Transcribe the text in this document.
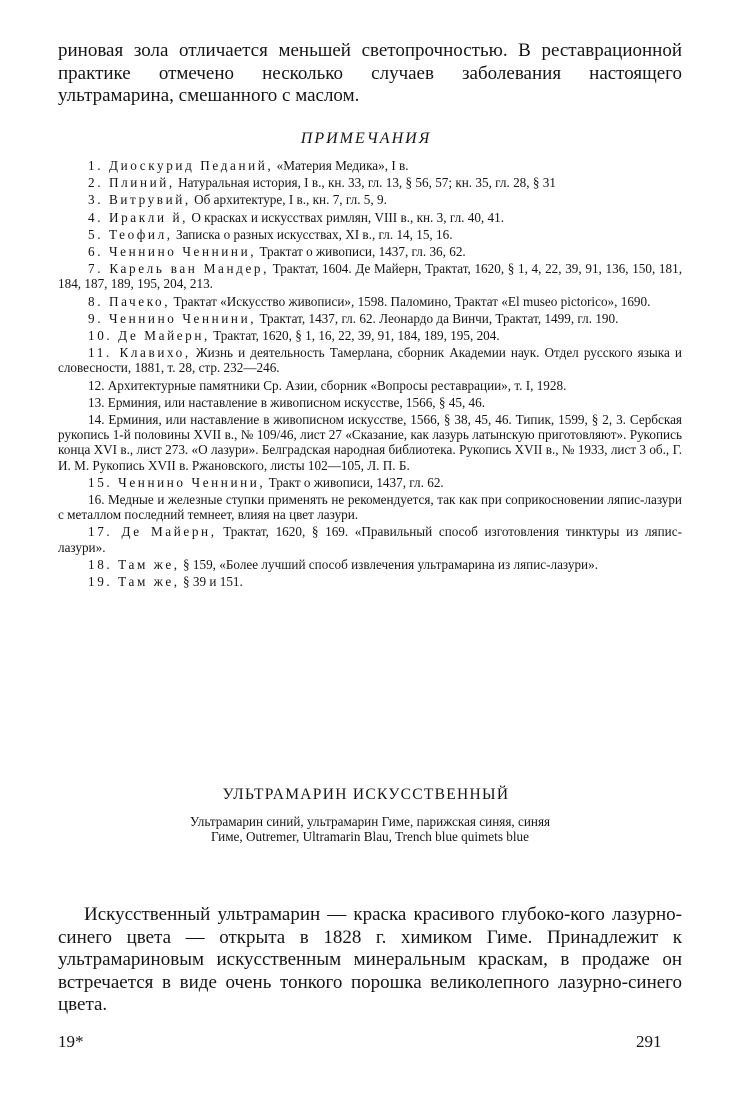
риновая зола отличается меньшей светопрочностью. В реставрационной практике отмечено несколько случаев заболевания настоящего ультрамарина, смешанного с маслом.

ПРИМЕЧАНИЯ

1. Диоскурид Педаний, «Материя Медика», I в.

2. Плиний, Натуральная история, I в., кн. 33, гл. 13, § 56, 57; кн. 35, гл. 28, § 31

3. Витрувий, Об архитектуре, I в., кн. 7, гл. 5, 9.

4. Иракли й, О красках и искусствах римлян, VIII в., кн. 3, гл. 40, 41.

5. Теофил, Записка о разных искусствах, XI в., гл. 14, 15, 16.

6. Ченнино Ченнини, Трактат о живописи, 1437, гл. 36, 62.

7. Карель ван Мандер, Трактат, 1604. Де Майерн, Трактат, 1620, § 1, 4, 22, 39, 91, 136, 150, 181, 184, 187, 189, 195, 204, 213.

8. Пачеко, Трактат «Искусство живописи», 1598. Паломино, Трактат «El museo pictorico», 1690.

9. Ченнино Ченнини, Трактат, 1437, гл. 62. Леонардо да Винчи, Трактат, 1499, гл. 190.

10. Де Майерн, Трактат, 1620, § 1, 16, 22, 39, 91, 184, 189, 195, 204.

11. Клавихо, Жизнь и деятельность Тамерлана, сборник Академии наук. Отдел русского языка и словесности, 1881, т. 28, стр. 232—246.

12. Архитектурные памятники Ср. Азии, сборник «Вопросы реставрации», т. I, 1928.

13. Ерминия, или наставление в живописном искусстве, 1566, § 45, 46.

14. Ерминия, или наставление в живописном искусстве, 1566, § 38, 45, 46. Типик, 1599, § 2, 3. Сербская рукопись 1-й половины XVII в., № 109/46, лист 27 «Сказание, как лазурь латынскую приготовляют». Рукопись конца XVI в., лист 273. «О лазури». Белградская народная библиотека. Рукопись XVII в., № 1933, лист 3 об., Г. И. М. Рукопись XVII в. Ржановского, листы 102—105, Л. П. Б.

15. Ченнино Ченнини, Тракт о живописи, 1437, гл. 62.

16. Медные и железные ступки применять не рекомендуется, так как при соприкосновении ляпис-лазури с металлом последний темнеет, влияя на цвет лазури.

17. Де Майерн, Трактат, 1620, § 169. «Правильный способ изготовления тинктуры из ляпис-лазури».

18. Там же, § 159, «Более лучший способ извлечения ультрамарина из ляпис-лазури».

19. Там же, § 39 и 151.

УЛЬТРАМАРИН ИСКУССТВЕННЫЙ

Ультрамарин синий, ультрамарин Гиме, парижская синяя, синяя Гиме, Outremer, Ultramarin Blau, Trench blue quimets blue

Искусственный ультрамарин — краска красивого глубоко-кого лазурно-синего цвета — открыта в 1828 г. химиком Гиме. Принадлежит к ультрамариновым искусственным минеральным краскам, в продаже он встречается в виде очень тонкого порошка великолепного лазурно-синего цвета.

19*	291
